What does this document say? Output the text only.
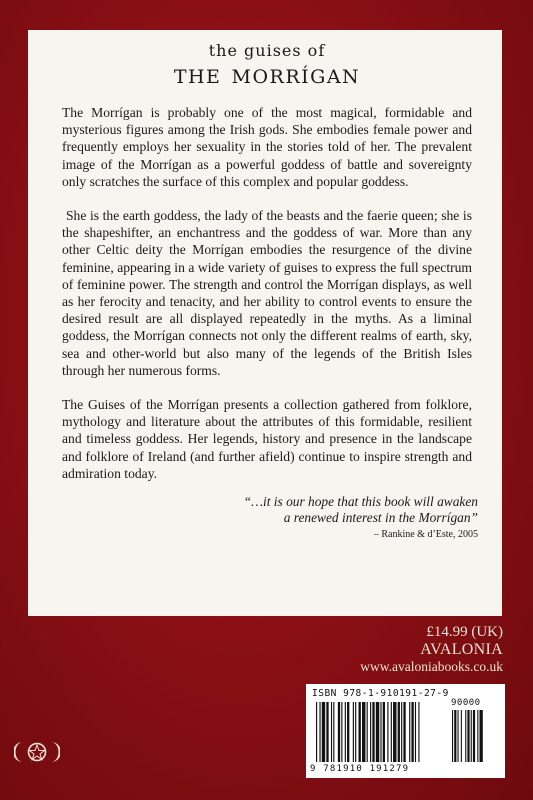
the guises of
the morrígan

The Morrígan is probably one of the most magical, formidable and mysterious figures among the Irish gods. She embodies female power and frequently employs her sexuality in the stories told of her. The prevalent image of the Morrígan as a powerful goddess of battle and sovereignty only scratches the surface of this complex and popular goddess.

She is the earth goddess, the lady of the beasts and the faerie queen; she is the shapeshifter, an enchantress and the goddess of war. More than any other Celtic deity the Morrígan embodies the resurgence of the divine feminine, appearing in a wide variety of guises to express the full spectrum of feminine power. The strength and control the Morrígan displays, as well as her ferocity and tenacity, and her ability to control events to ensure the desired result are all displayed repeatedly in the myths. As a liminal goddess, the Morrígan connects not only the different realms of earth, sky, sea and other-world but also many of the legends of the British Isles through her numerous forms.

The Guises of the Morrígan presents a collection gathered from folklore, mythology and literature about the attributes of this formidable, resilient and timeless goddess. Her legends, history and presence in the landscape and folklore of Ireland (and further afield) continue to inspire strength and admiration today.

“…it is our hope that this book will awaken
a renewed interest in the Morrígan”
– Rankine & d’Este, 2005
£14.99 (UK)
AVALONIA
www.avaloniabooks.co.uk
ISBN 978-1-910191-27-9
90000
9 781910 191279
